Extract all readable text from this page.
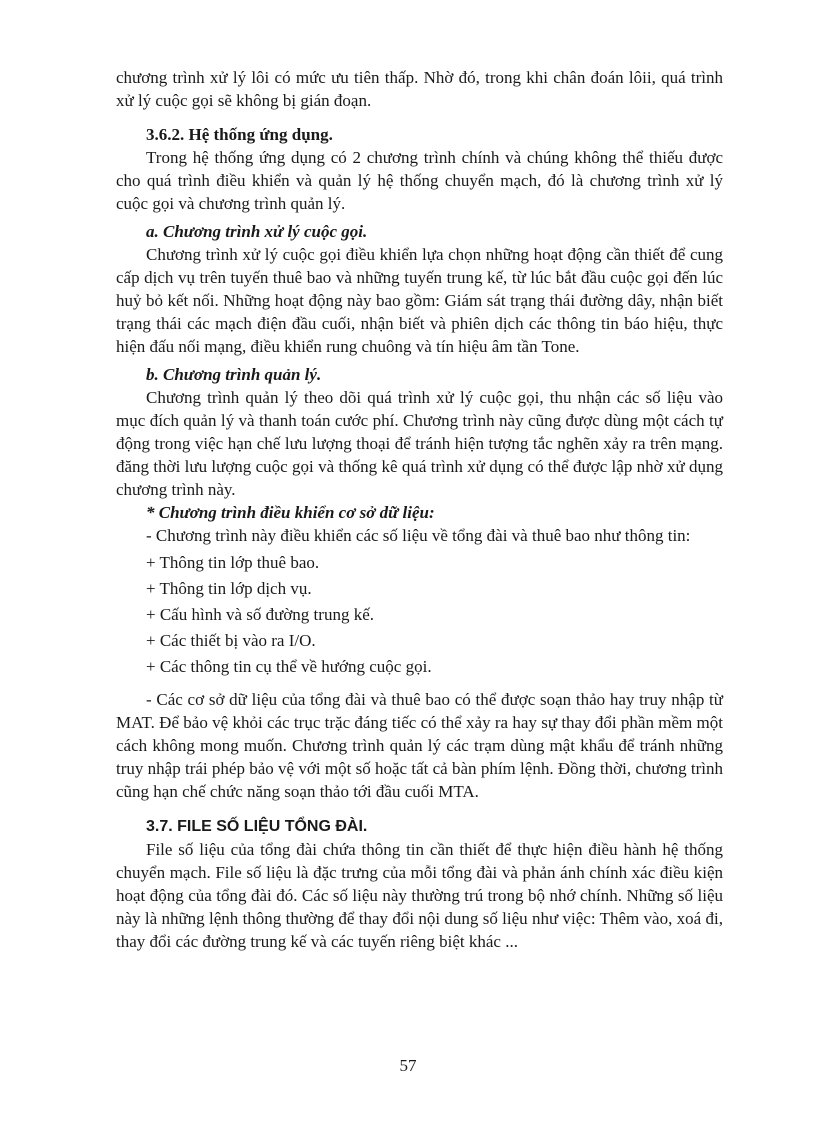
chương trình xử lý lôi có mức ưu tiên thấp. Nhờ đó, trong khi chân đoán lôii, quá trình xử lý cuộc gọi sẽ không bị gián đoạn.

3.6.2. Hệ thống ứng dụng.

Trong hệ thống ứng dụng có 2 chương trình chính và chúng không thể thiếu được cho quá trình điều khiển và quản lý hệ thống chuyển mạch, đó là chương trình xử lý cuộc gọi và chương trình quản lý.

a. Chương trình xử lý cuộc gọi.

Chương trình xử lý cuộc gọi điều khiển lựa chọn những hoạt động cần thiết để cung cấp dịch vụ trên tuyến thuê bao và những tuyến trung kế, từ lúc bắt đầu cuộc gọi đến lúc huỷ bỏ kết nối. Những hoạt động này bao gồm: Giám sát trạng thái đường dây, nhận biết trạng thái các mạch điện đầu cuối, nhận biết và phiên dịch các thông tin báo hiệu, thực hiện đấu nối mạng, điều khiển rung chuông và tín hiệu âm tần Tone.

b. Chương trình quản lý.

Chương trình quản lý theo dõi quá trình xử lý cuộc gọi, thu nhận các số liệu vào mục đích quản lý và thanh toán cước phí. Chương trình này cũng được dùng một cách tự động trong việc hạn chế lưu lượng thoại để tránh hiện tượng tắc nghẽn xảy ra trên mạng. đăng thời lưu lượng cuộc gọi và thống kê quá trình xử dụng có thể được lập nhờ xử dụng chương trình này.

* Chương trình điều khiển cơ sở dữ liệu:

- Chương trình này điều khiển các số liệu về tổng đài và thuê bao như thông tin:

+ Thông tin lớp thuê bao.

+ Thông tin lớp dịch vụ.

+ Cấu hình và số đường trung kế.

+ Các thiết bị vào ra I/O.

+ Các thông tin cụ thể về hướng cuộc gọi.

- Các cơ sở dữ liệu của tổng đài và thuê bao có thể được soạn thảo hay truy nhập từ MAT. Để bảo vệ khỏi các trục trặc đáng tiếc có thể xảy ra hay sự thay đổi phần mềm một cách không mong muốn. Chương trình quản lý các trạm dùng mật khẩu để tránh những truy nhập trái phép bảo vệ với một số hoặc tất cả bàn phím lệnh. Đồng thời, chương trình cũng hạn chế chức năng soạn thảo tới đầu cuối MTA.

3.7. FILE SỐ LIỆU TỔNG ĐÀI.

File số liệu của tổng đài chứa thông tin cần thiết để thực hiện điều hành hệ thống chuyển mạch. File số liệu là đặc trưng của mỗi tổng đài và phản ánh chính xác điều kiện hoạt động của tổng đài đó. Các số liệu này thường trú trong bộ nhớ chính. Những số liệu này là những lệnh thông thường để thay đổi nội dung số liệu như việc: Thêm vào, xoá đi, thay đổi các đường trung kế và các tuyến riêng biệt khác ...

57
